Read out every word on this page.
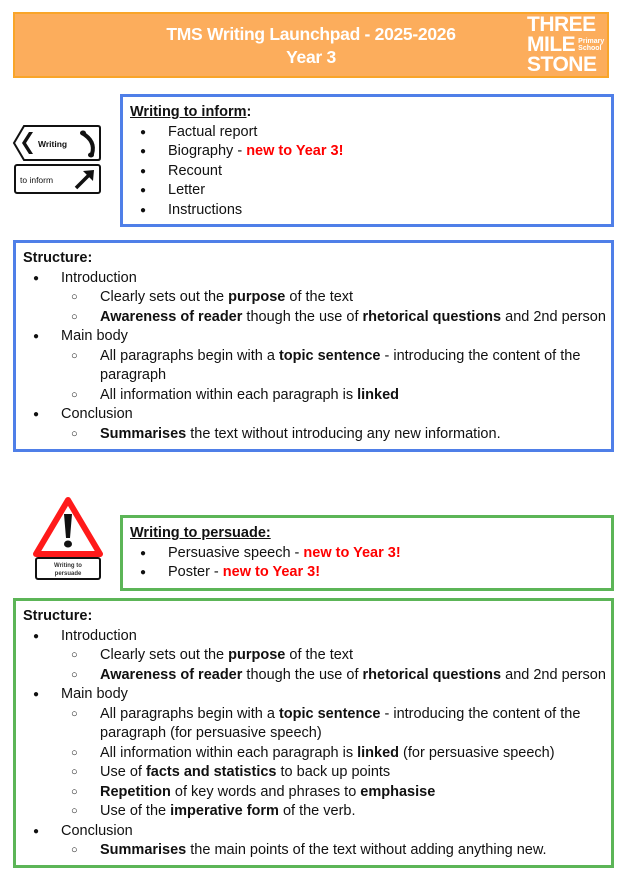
TMS Writing Launchpad - 2025-2026
Year 3
THREE
MILE Primary
School
STONE
Writing
to inform
Writing to inform:
● Factual report
● Biography - new to Year 3!
● Recount
● Letter
● Instructions
Structure:
● Introduction
○ Clearly sets out the purpose of the text
○ Awareness of reader though the use of rhetorical questions and 2nd person
● Main body
○ All paragraphs begin with a topic sentence - introducing the content of the paragraph
○ All information within each paragraph is linked
● Conclusion
○ Summarises the text without introducing any new information.
Writing to
persuade
Writing to persuade:
● Persuasive speech - new to Year 3!
● Poster - new to Year 3!
Structure:
● Introduction
○ Clearly sets out the purpose of the text
○ Awareness of reader though the use of rhetorical questions and 2nd person
● Main body
○ All paragraphs begin with a topic sentence - introducing the content of the paragraph (for persuasive speech)
○ All information within each paragraph is linked (for persuasive speech)
○ Use of facts and statistics to back up points
○ Repetition of key words and phrases to emphasise
○ Use of the imperative form of the verb.
● Conclusion
○ Summarises the main points of the text without adding anything new.
